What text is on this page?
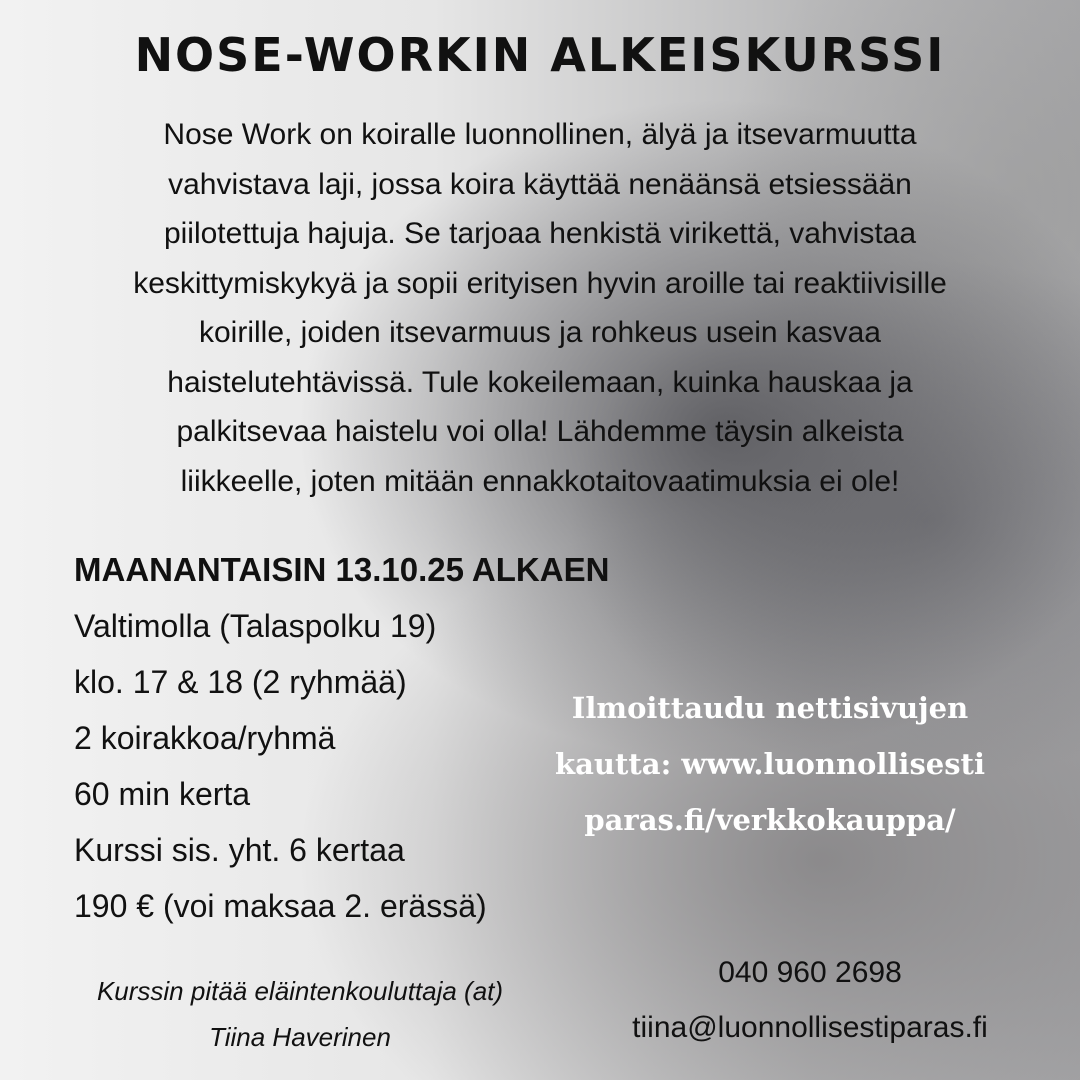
NOSE-WORKIN ALKEISKURSSI
Nose Work on koiralle luonnollinen, älyä ja itsevarmuutta
vahvistava laji, jossa koira käyttää nenäänsä etsiessään
piilotettuja hajuja. Se tarjoaa henkistä virikettä, vahvistaa
keskittymiskykyä ja sopii erityisen hyvin aroille tai reaktiivisille
koirille, joiden itsevarmuus ja rohkeus usein kasvaa
haistelutehtävissä. Tule kokeilemaan, kuinka hauskaa ja
palkitsevaa haistelu voi olla! Lähdemme täysin alkeista
liikkeelle, joten mitään ennakkotaitovaatimuksia ei ole!
MAANANTAISIN 13.10.25 ALKAEN
Valtimolla (Talaspolku 19)
klo. 17 & 18 (2 ryhmää)
2 koirakkoa/ryhmä
60 min kerta
Kurssi sis. yht. 6 kertaa
190 € (voi maksaa 2. erässä)
Ilmoittaudu nettisivujen
kautta: www.luonnollisesti
paras.fi/verkkokauppa/
040 960 2698
tiina@luonnollisestiparas.fi
Kurssin pitää eläintenkouluttaja (at)
Tiina Haverinen
